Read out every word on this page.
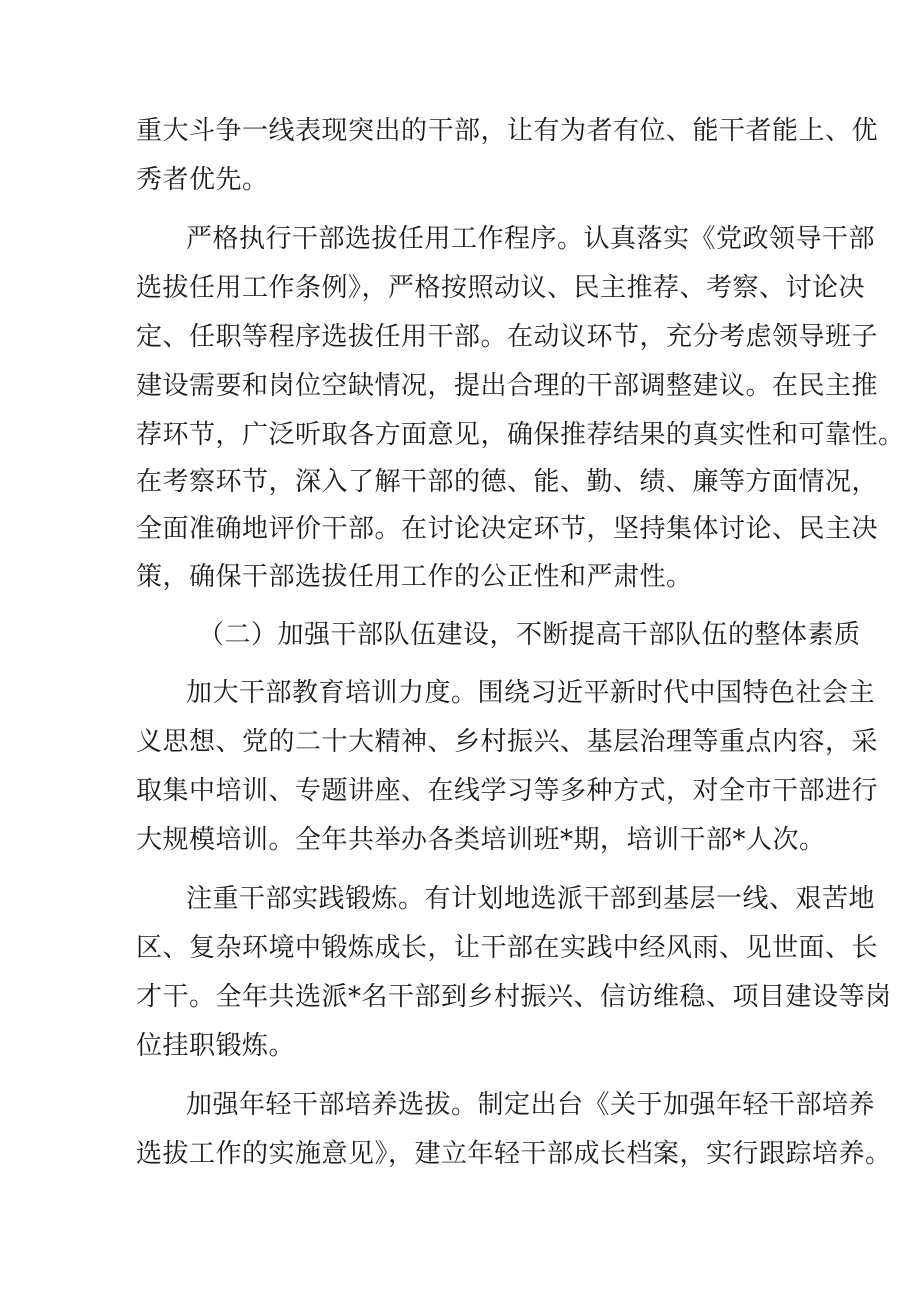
重大斗争一线表现突出的干部，让有为者有位、能干者能上、优
秀者优先。
严格执行干部选拔任用工作程序。认真落实《党政领导干部
选拔任用工作条例》，严格按照动议、民主推荐、考察、讨论决
定、任职等程序选拔任用干部。在动议环节，充分考虑领导班子
建设需要和岗位空缺情况，提出合理的干部调整建议。在民主推
荐环节，广泛听取各方面意见，确保推荐结果的真实性和可靠性。
在考察环节，深入了解干部的德、能、勤、绩、廉等方面情况，
全面准确地评价干部。在讨论决定环节，坚持集体讨论、民主决
策，确保干部选拔任用工作的公正性和严肃性。
（二）加强干部队伍建设，不断提高干部队伍的整体素质
加大干部教育培训力度。围绕习近平新时代中国特色社会主
义思想、党的二十大精神、乡村振兴、基层治理等重点内容，采
取集中培训、专题讲座、在线学习等多种方式，对全市干部进行
大规模培训。全年共举办各类培训班*期，培训干部*人次。
注重干部实践锻炼。有计划地选派干部到基层一线、艰苦地
区、复杂环境中锻炼成长，让干部在实践中经风雨、见世面、长
才干。全年共选派*名干部到乡村振兴、信访维稳、项目建设等岗
位挂职锻炼。
加强年轻干部培养选拔。制定出台《关于加强年轻干部培养
选拔工作的实施意见》，建立年轻干部成长档案，实行跟踪培养。
